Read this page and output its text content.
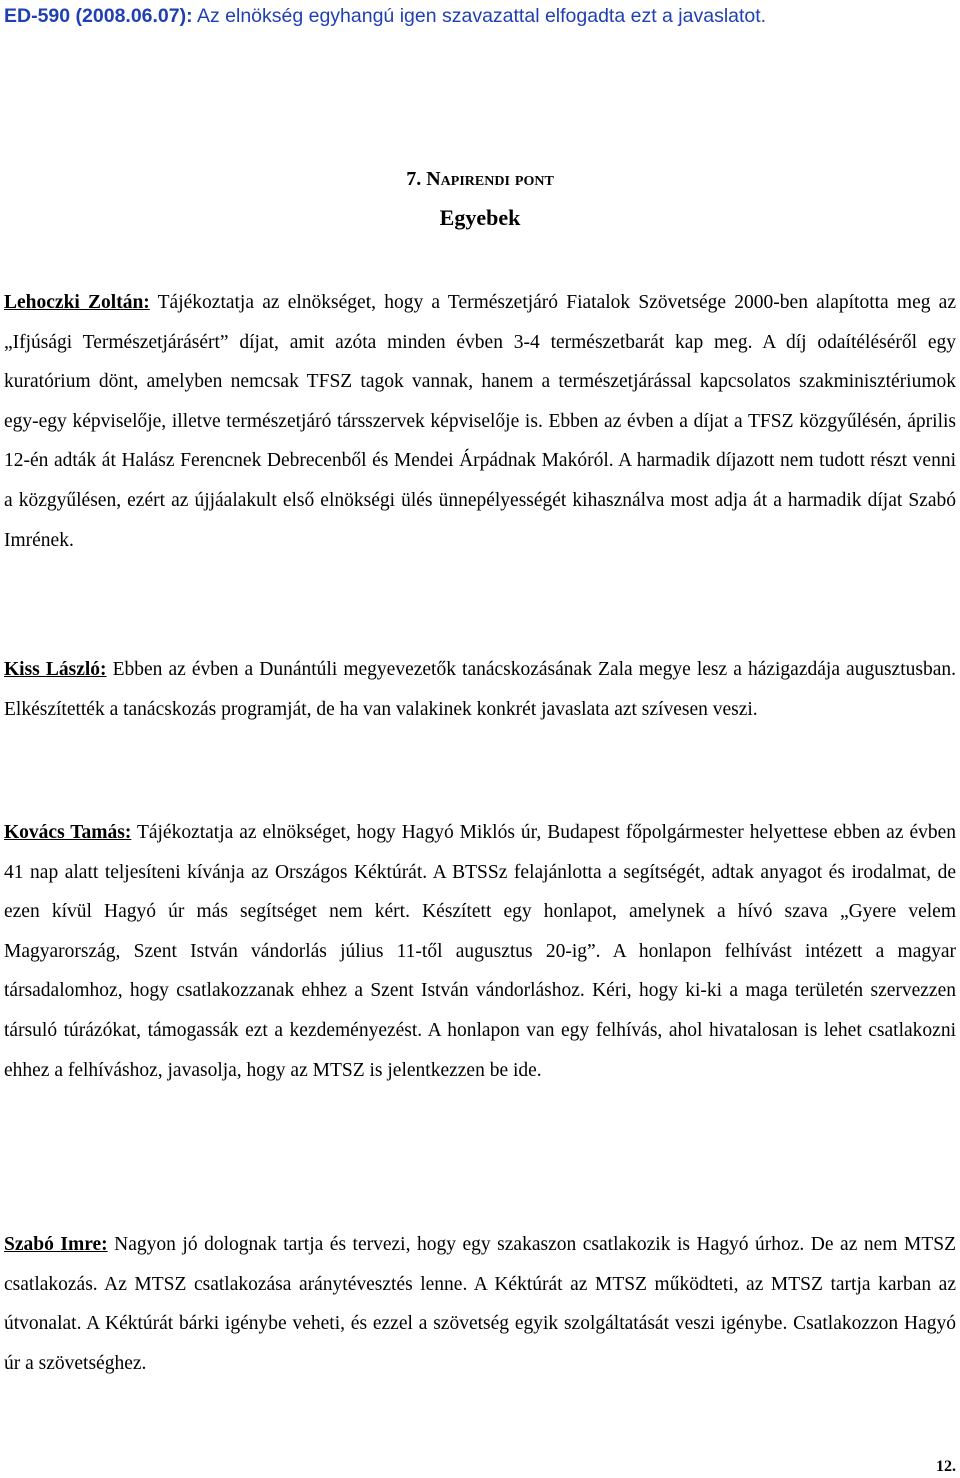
ED-590 (2008.06.07): Az elnökség egyhangú igen szavazattal elfogadta ezt a javaslatot.
7. Napirendi pont
Egyebek

Lehoczki Zoltán: Tájékoztatja az elnökséget, hogy a Természetjáró Fiatalok Szövetsége 2000-ben alapította meg az „Ifjúsági Természetjárásért” díjat, amit azóta minden évben 3-4 természetbarát kap meg. A díj odaítéléséről egy kuratórium dönt, amelyben nemcsak TFSZ tagok vannak, hanem a természetjárással kapcsolatos szakminisztériumok egy-egy képviselője, illetve természetjáró társszervek képviselője is. Ebben az évben a díjat a TFSZ közgyűlésén, április 12-én adták át Halász Ferencnek Debrecenből és Mendei Árpádnak Makóról. A harmadik díjazott nem tudott részt venni a közgyűlésen, ezért az újjáalakult első elnökségi ülés ünnepélyességét kihasználva most adja át a harmadik díjat Szabó Imrének.

Kiss László: Ebben az évben a Dunántúli megyevezetők tanácskozásának Zala megye lesz a házigazdája augusztusban. Elkészítették a tanácskozás programját, de ha van valakinek konkrét javaslata azt szívesen veszi.

Kovács Tamás: Tájékoztatja az elnökséget, hogy Hagyó Miklós úr, Budapest főpolgármester helyettese ebben az évben 41 nap alatt teljesíteni kívánja az Országos Kéktúrát. A BTSSz felajánlotta a segítségét, adtak anyagot és irodalmat, de ezen kívül Hagyó úr más segítséget nem kért. Készített egy honlapot, amelynek a hívó szava „Gyere velem Magyarország, Szent István vándorlás július 11-től augusztus 20-ig”. A honlapon felhívást intézett a magyar társadalomhoz, hogy csatlakozzanak ehhez a Szent István vándorláshoz. Kéri, hogy ki-ki a maga területén szervezzen társuló túrázókat, támogassák ezt a kezdeményezést. A honlapon van egy felhívás, ahol hivatalosan is lehet csatlakozni ehhez a felhíváshoz, javasolja, hogy az MTSZ is jelentkezzen be ide.

Szabó Imre: Nagyon jó dolognak tartja és tervezi, hogy egy szakaszon csatlakozik is Hagyó úrhoz. De az nem MTSZ csatlakozás. Az MTSZ csatlakozása aránytévesztés lenne. A Kéktúrát az MTSZ működteti, az MTSZ tartja karban az útvonalat. A Kéktúrát bárki igénybe veheti, és ezzel a szövetség egyik szolgáltatását veszi igénybe. Csatlakozzon Hagyó úr a szövetséghez.

12.
